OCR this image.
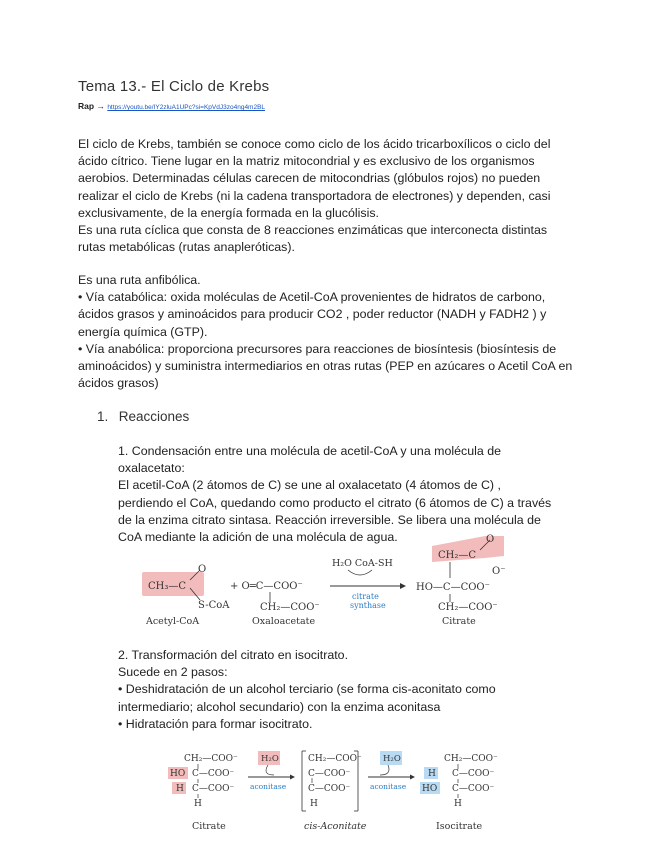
Tema 13.- El Ciclo de Krebs
Rap → https://youtu.be/IY2zluA1UPc?si=KpVdJ3zo4ng4m2BL

El ciclo de Krebs, también se conoce como ciclo de los ácido tricarboxílicos o ciclo del ácido cítrico. Tiene lugar en la matriz mitocondrial y es exclusivo de los organismos aerobios. Determinadas células carecen de mitocondrias (glóbulos rojos) no pueden realizar el ciclo de Krebs (ni la cadena transportadora de electrones) y dependen, casi exclusivamente, de la energía formada en la glucólisis.

Es una ruta cíclica que consta de 8 reacciones enzimáticas que interconecta distintas rutas metabólicas (rutas anapleróticas).

Es una ruta anfibólica.

• Vía catabólica: oxida moléculas de Acetil-CoA provenientes de hidratos de carbono, ácidos grasos y aminoácidos para producir CO2 , poder reductor (NADH y FADH2 ) y energía química (GTP).

• Vía anabólica: proporciona precursores para reacciones de biosíntesis (biosíntesis de aminoácidos) y suministra intermediarios en otras rutas (PEP en azúcares o Acetil CoA en ácidos grasos)

1. Reacciones

1. Condensación entre una molécula de acetil-CoA y una molécula de oxalacetato:

El acetil-CoA (2 átomos de C) se une al oxalacetato (4 átomos de C) , perdiendo el CoA, quedando como producto el citrato (6 átomos de C) a través de la enzima citrato sintasa. Reacción irreversible. Se libera una molécula de CoA mediante la adición de una molécula de agua.

CH₃—C
O
S-CoA
Acetyl-CoA
+ O═C—COO⁻
CH₂—COO⁻
Oxaloacetate
H₂O CoA-SH
citrate
synthase
CH₂—C
O
O⁻
HO—C—COO⁻
CH₂—COO⁻
Citrate

2. Transformación del citrato en isocitrato.

Sucede en 2 pasos:

• Deshidratación de un alcohol terciario (se forma cis-aconitato como intermediario; alcohol secundario) con la enzima aconitasa

• Hidratación para formar isocitrato.

CH₂—COO⁻
HO C—COO⁻
H C—COO⁻
H
Citrate
H₂O
aconitase
CH₂—COO⁻
C—COO⁻
C—COO⁻
H
cis-Aconitate
H₂O
aconitase
CH₂—COO⁻
H C—COO⁻
HO C—COO⁻
H
Isocitrate
